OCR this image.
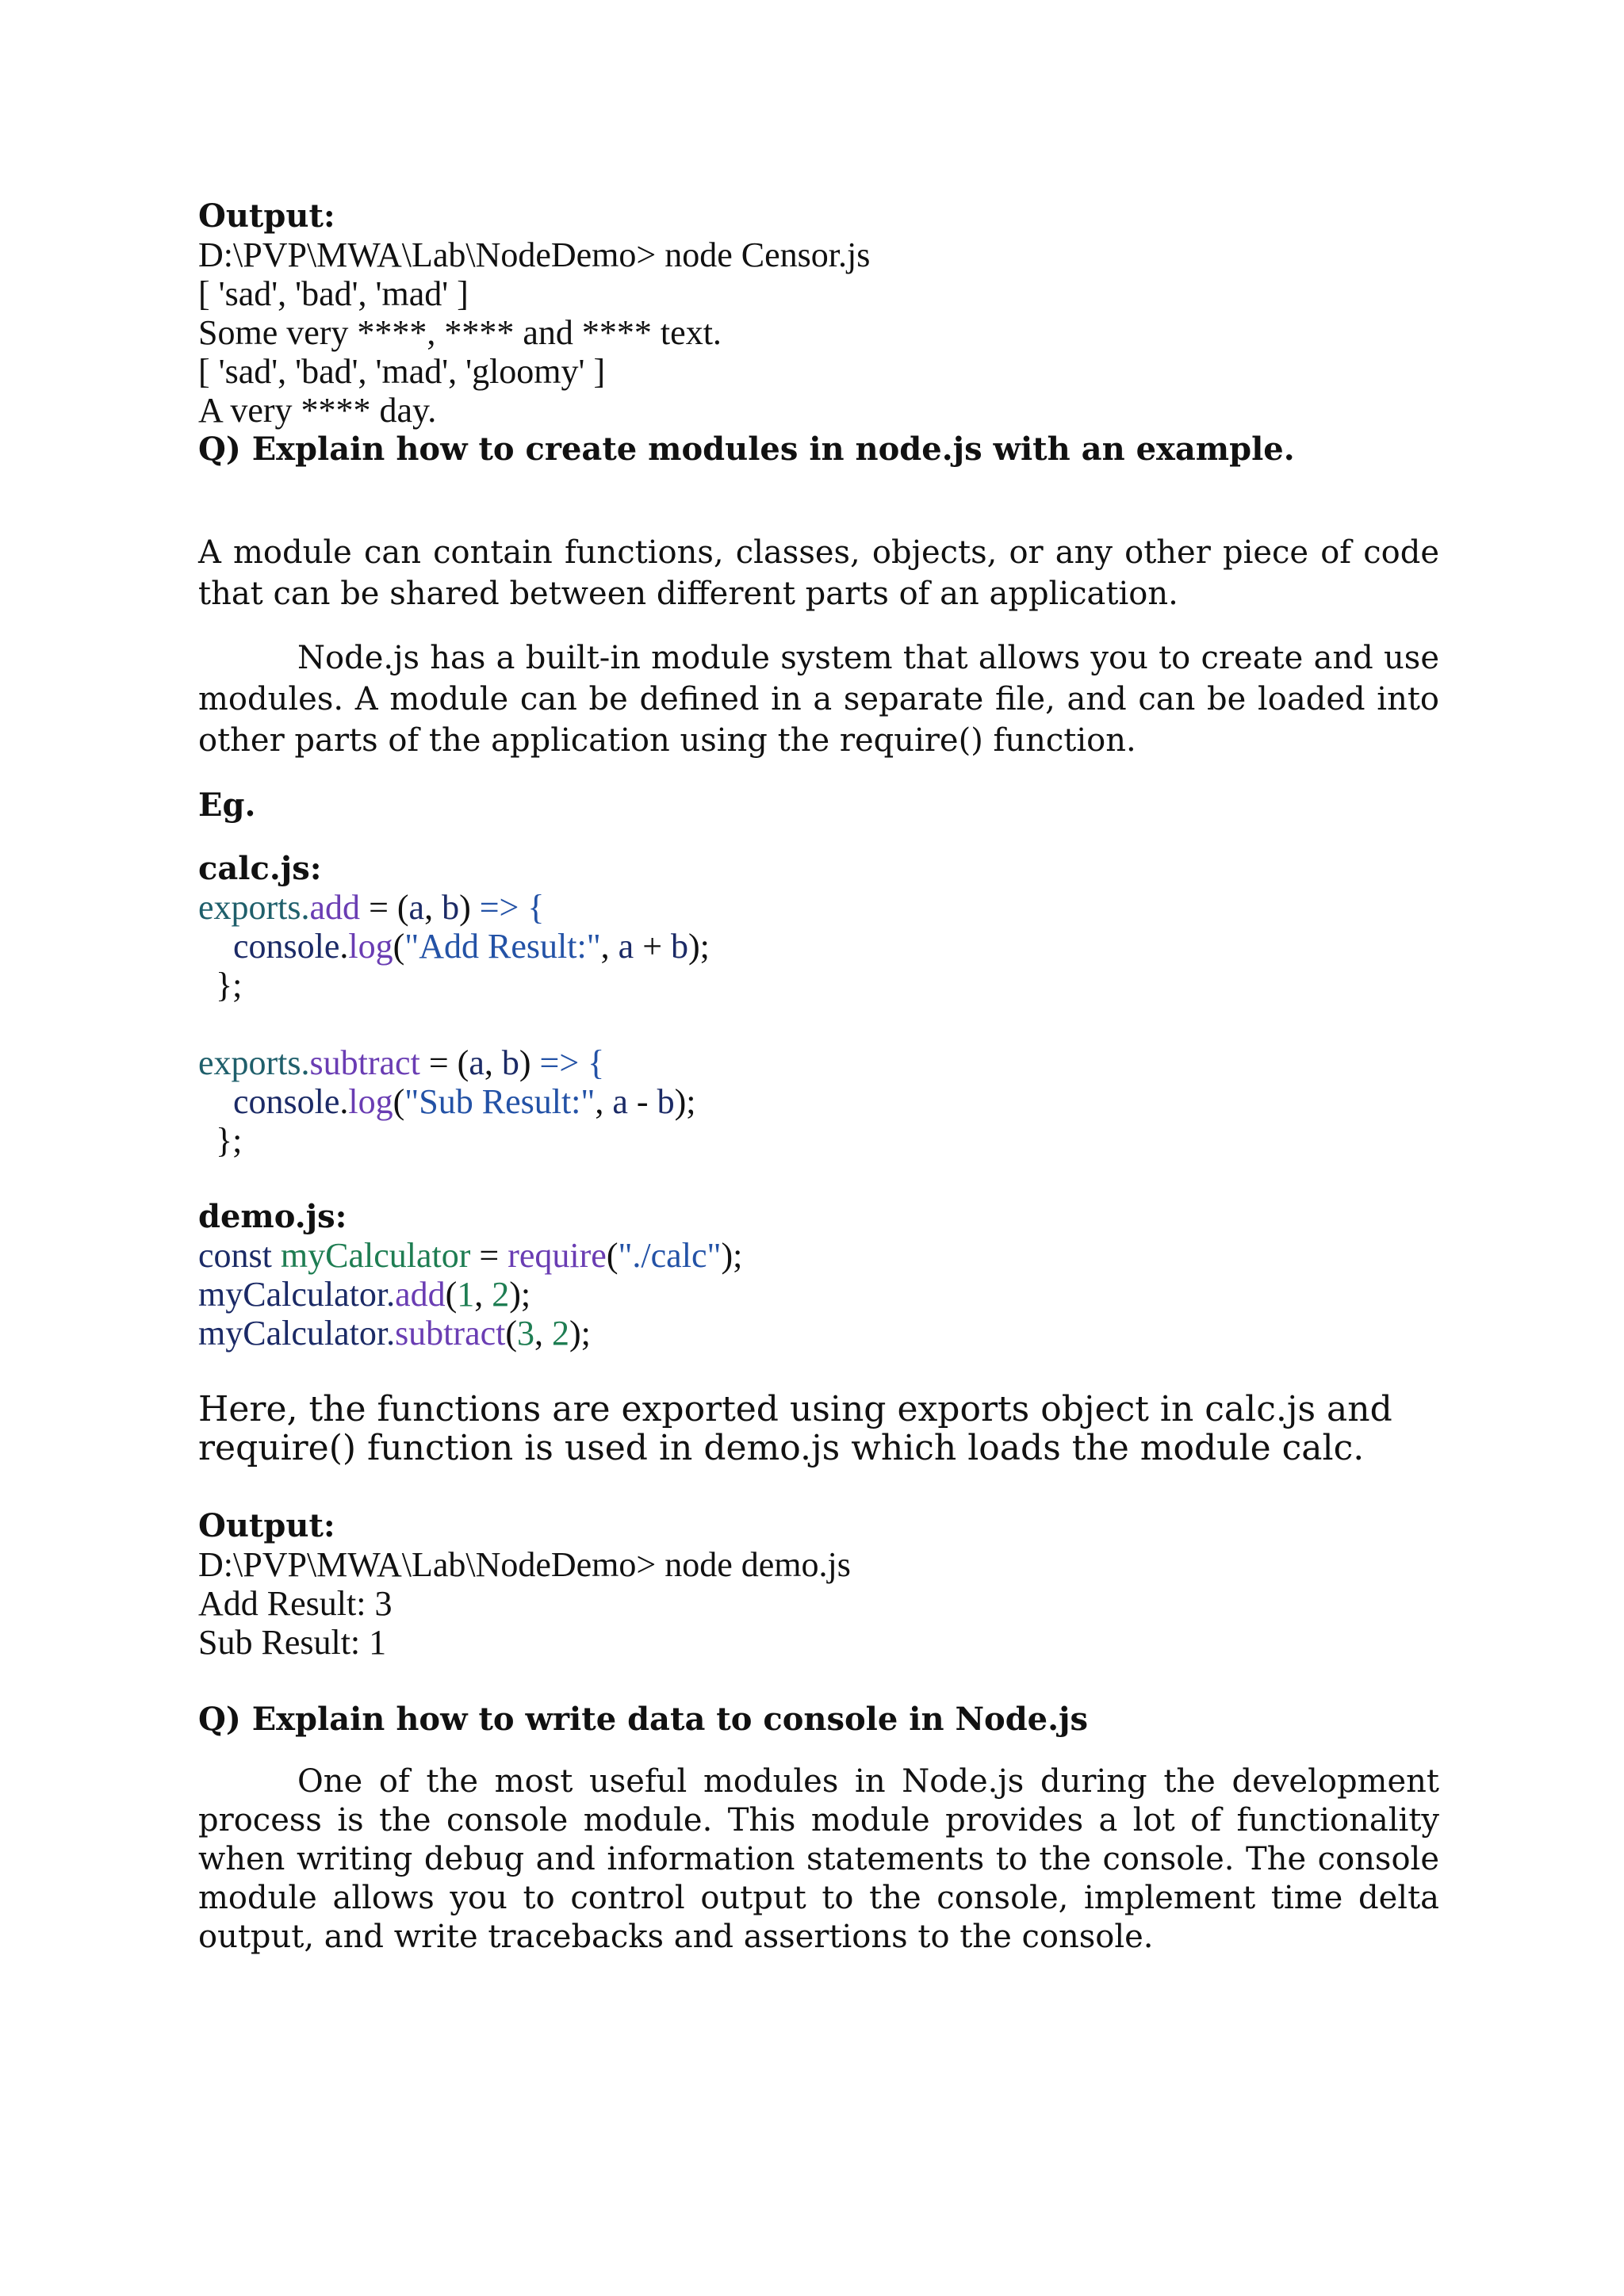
Output:
D:\PVP\MWA\Lab\NodeDemo> node Censor.js
[ 'sad', 'bad', 'mad' ]
Some very ****, **** and **** text.
[ 'sad', 'bad', 'mad', 'gloomy' ]
A very **** day.
Q) Explain how to create modules in node.js with an example.
A module can contain functions, classes, objects, or any other piece of code that can be shared between different parts of an application.
Node.js has a built-in module system that allows you to create and use modules. A module can be defined in a separate file, and can be loaded into other parts of the application using the require() function.
Eg.
calc.js:
exports.add = (a, b) => {
console.log("Add Result:", a + b);
};
exports.subtract = (a, b) => {
console.log("Sub Result:", a - b);
};
demo.js:
const myCalculator = require("./calc");
myCalculator.add(1, 2);
myCalculator.subtract(3, 2);
Here, the functions are exported using exports object in calc.js and require() function is used in demo.js which loads the module calc.
Output:
D:\PVP\MWA\Lab\NodeDemo> node demo.js
Add Result: 3
Sub Result: 1
Q) Explain how to write data to console in Node.js
One of the most useful modules in Node.js during the development process is the console module. This module provides a lot of functionality when writing debug and information statements to the console. The console module allows you to control output to the console, implement time delta output, and write tracebacks and assertions to the console.
